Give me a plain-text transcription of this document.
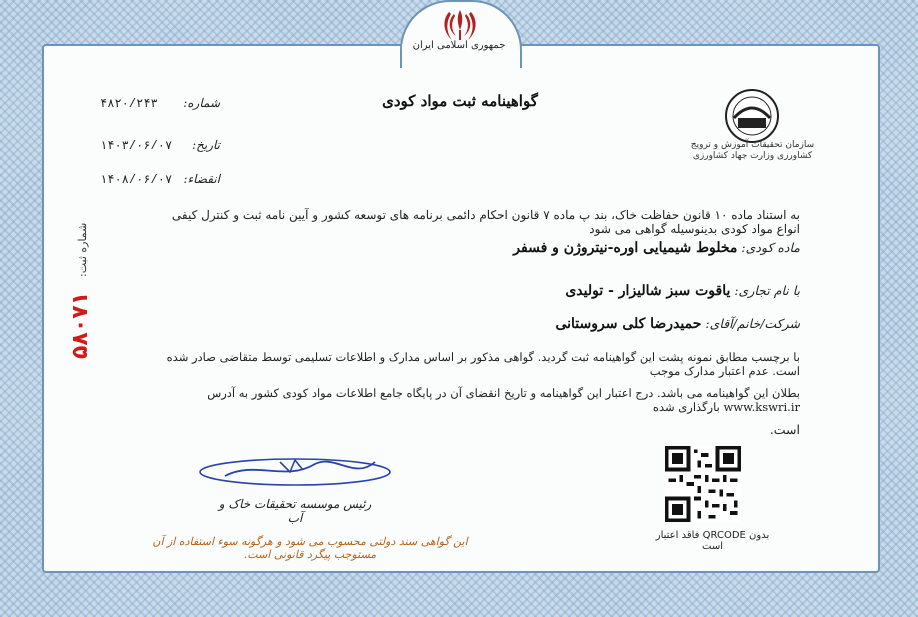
جمهوری اسلامی ایران
گواهینامه ثبت مواد کودی
سازمان تحقیقات آموزش و ترویج کشاورزی وزارت جهاد کشاورزی
شماره:
۴۸۲۰/۲۴۳
تاریخ:
۱۴۰۳/۰۶/۰۷
انقضاء:
۱۴۰۸/۰۶/۰۷
به استناد ماده ۱۰ قانون حفاظت خاک، بند پ ماده ۷ قانون احکام دائمی برنامه های توسعه کشور و آیین نامه ثبت و کنترل کیفی انواع مواد کودی بدینوسیله گواهی می شود
ماده کودی: مخلوط شیمیایی اوره-نیتروژن و فسفر
با نام تجاری: یاقوت سبز شالیزار - تولیدی
شرکت/خانم/آقای: حمیدرضا کلی سروستانی
با برچسب مطابق نمونه پشت این گواهینامه ثبت گردید. گواهی مذکور بر اساس مدارک و اطلاعات تسلیمی توسط متقاضی صادر شده است. عدم اعتبار مدارک موجب
بطلان این گواهینامه می باشد. درج اعتبار این گواهینامه و تاریخ انقضای آن در پایگاه جامع اطلاعات مواد کودی کشور به آدرس www.kswri.ir بارگذاری شده
است.
شماره ثبت:
۵۸۰۷۱
رئیس موسسه تحقیقات خاک و آب
این گواهی سند دولتی محسوب می شود و هرگونه سوء استفاده از آن مستوجب پیگرد قانونی است.
بدون QRCODE فاقد اعتبار است
